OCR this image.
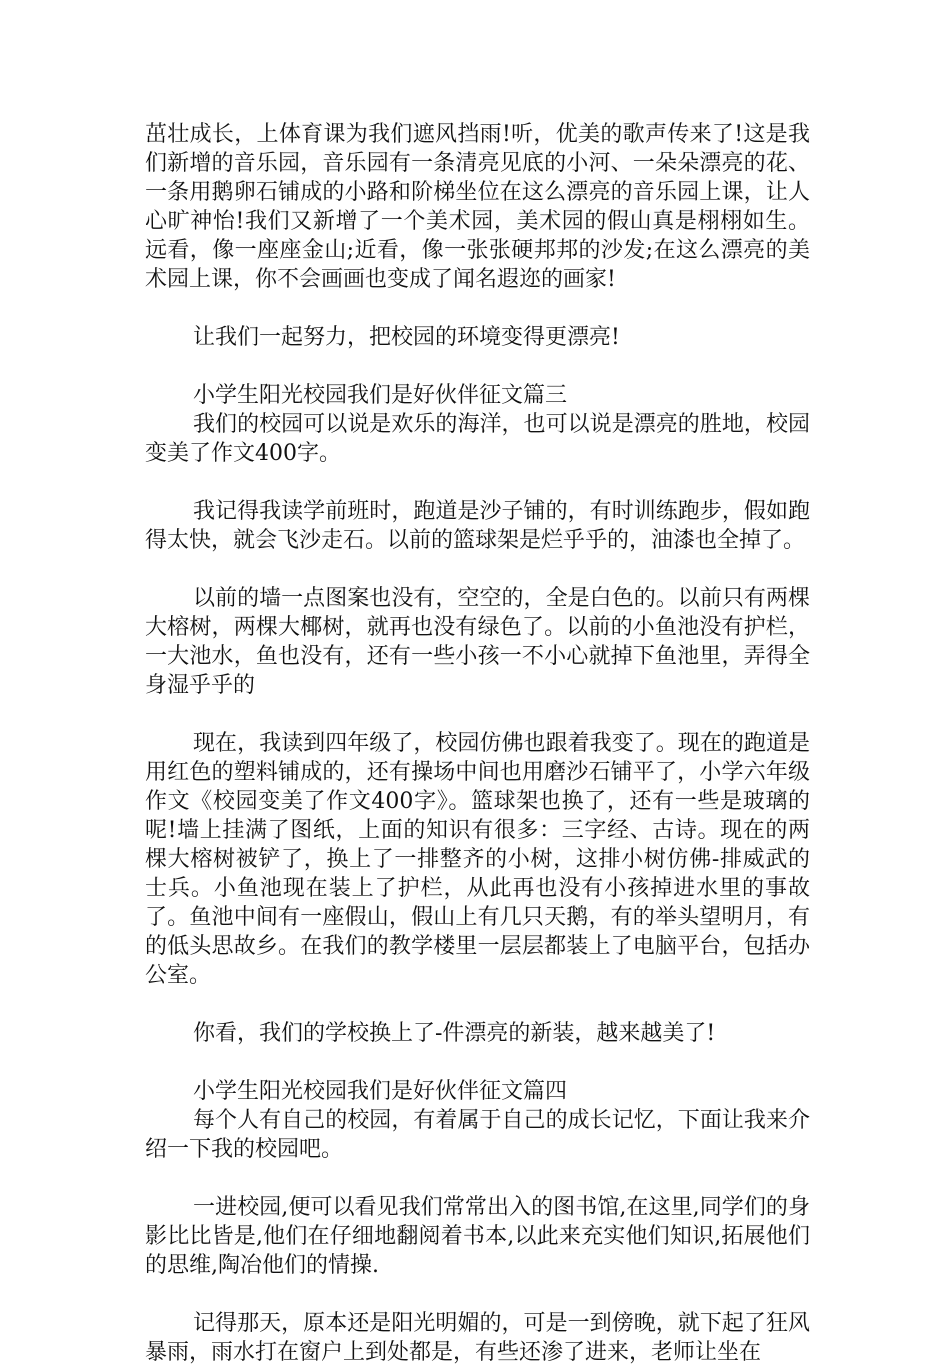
茁壮成长，上体育课为我们遮风挡雨!听，优美的歌声传来了!这是我们新增的音乐园，音乐园有一条清亮见底的小河、一朵朵漂亮的花、一条用鹅卵石铺成的小路和阶梯坐位在这么漂亮的音乐园上课，让人心旷神怡!我们又新增了一个美术园，美术园的假山真是栩栩如生。远看，像一座座金山;近看，像一张张硬邦邦的沙发;在这么漂亮的美术园上课，你不会画画也变成了闻名遐迩的画家!

让我们一起努力，把校园的环境变得更漂亮!

小学生阳光校园我们是好伙伴征文篇三

我们的校园可以说是欢乐的海洋，也可以说是漂亮的胜地，校园变美了作文400字。

我记得我读学前班时，跑道是沙子铺的，有时训练跑步，假如跑得太快，就会飞沙走石。以前的篮球架是烂乎乎的，油漆也全掉了。

以前的墙一点图案也没有，空空的，全是白色的。以前只有两棵大榕树，两棵大椰树，就再也没有绿色了。以前的小鱼池没有护栏，一大池水，鱼也没有，还有一些小孩一不小心就掉下鱼池里，弄得全身湿乎乎的

现在，我读到四年级了，校园仿佛也跟着我变了。现在的跑道是用红色的塑料铺成的，还有操场中间也用磨沙石铺平了，小学六年级作文《校园变美了作文400字》。篮球架也换了，还有一些是玻璃的呢!墙上挂满了图纸，上面的知识有很多：三字经、古诗。现在的两棵大榕树被铲了，换上了一排整齐的小树，这排小树仿佛-排威武的士兵。小鱼池现在装上了护栏，从此再也没有小孩掉进水里的事故了。鱼池中间有一座假山，假山上有几只天鹅，有的举头望明月，有的低头思故乡。在我们的教学楼里一层层都装上了电脑平台，包括办公室。

你看，我们的学校换上了-件漂亮的新装，越来越美了!

小学生阳光校园我们是好伙伴征文篇四

每个人有自己的校园，有着属于自己的成长记忆，下面让我来介绍一下我的校园吧。

一进校园,便可以看见我们常常出入的图书馆,在这里,同学们的身影比比皆是,他们在仔细地翻阅着书本,以此来充实他们知识,拓展他们的思维,陶冶他们的情操.

记得那天，原本还是阳光明媚的，可是一到傍晚，就下起了狂风暴雨，雨水打在窗户上到处都是，有些还渗了进来，老师让坐在
